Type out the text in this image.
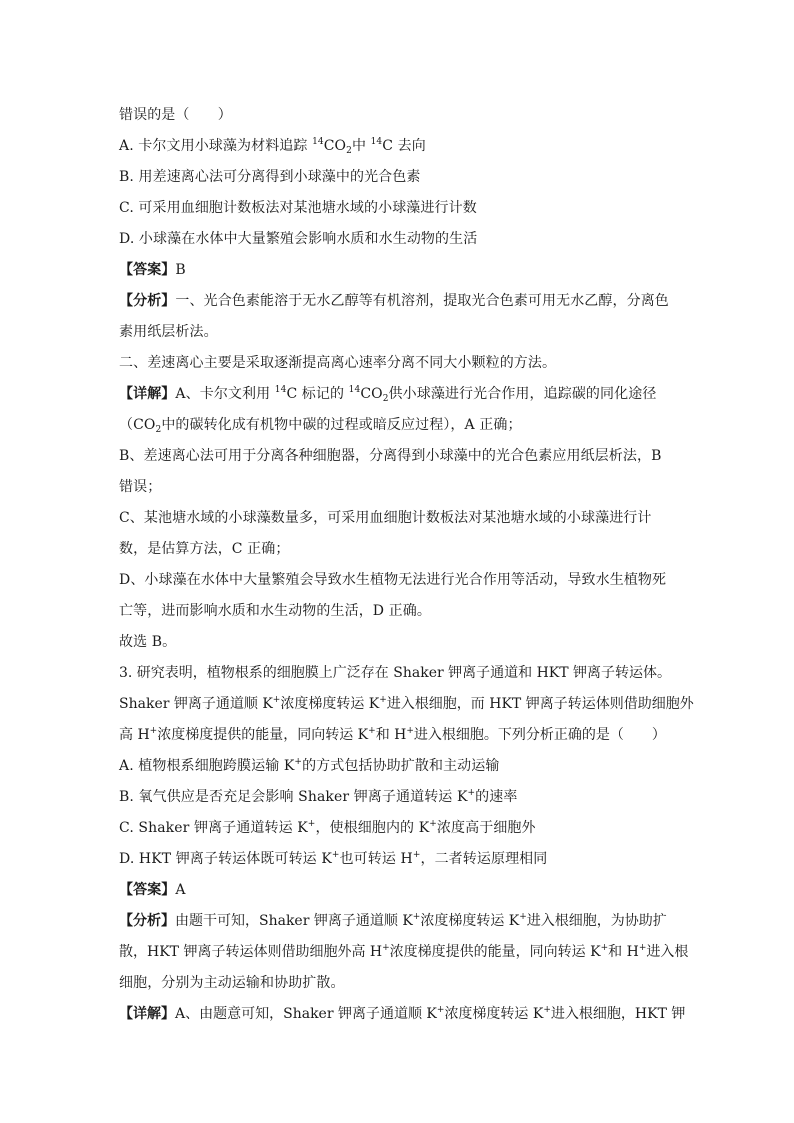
错误的是（　　）
A. 卡尔文用小球藻为材料追踪 $^{14}CO_2$中 $^{14}$C 去向
B. 用差速离心法可分离得到小球藻中的光合色素
C. 可采用血细胞计数板法对某池塘水域的小球藻进行计数
D. 小球藻在水体中大量繁殖会影响水质和水生动物的生活
【答案】B
【分析】一、光合色素能溶于无水乙醇等有机溶剂，提取光合色素可用无水乙醇，分离色
素用纸层析法。
二、差速离心主要是采取逐渐提高离心速率分离不同大小颗粒的方法。
【详解】A、卡尔文利用 $^{14}$C 标记的 $^{14}CO_2$供小球藻进行光合作用，追踪碳的同化途径
（$CO_2$中的碳转化成有机物中碳的过程或暗反应过程），A 正确；
B、差速离心法可用于分离各种细胞器，分离得到小球藻中的光合色素应用纸层析法，B
错误；
C、某池塘水域的小球藻数量多，可采用血细胞计数板法对某池塘水域的小球藻进行计
数，是估算方法，C 正确；
D、小球藻在水体中大量繁殖会导致水生植物无法进行光合作用等活动，导致水生植物死
亡等，进而影响水质和水生动物的生活，D 正确。
故选 B。
3. 研究表明，植物根系的细胞膜上广泛存在 Shaker 钾离子通道和 HKT 钾离子转运体。
Shaker 钾离子通道顺 K+浓度梯度转运 K+进入根细胞，而 HKT 钾离子转运体则借助细胞外
高 H+浓度梯度提供的能量，同向转运 K+和 H+进入根细胞。下列分析正确的是（　　）
A. 植物根系细胞跨膜运输 K+的方式包括协助扩散和主动运输
B. 氧气供应是否充足会影响 Shaker 钾离子通道转运 K+的速率
C. Shaker 钾离子通道转运 K+，使根细胞内的 K+浓度高于细胞外
D. HKT 钾离子转运体既可转运 K+也可转运 H+，二者转运原理相同
【答案】A
【分析】由题干可知，Shaker 钾离子通道顺 K+浓度梯度转运 K+进入根细胞，为协助扩
散，HKT 钾离子转运体则借助细胞外高 H+浓度梯度提供的能量，同向转运 K+和 H+进入根
细胞，分别为主动运输和协助扩散。
【详解】A、由题意可知，Shaker 钾离子通道顺 K+浓度梯度转运 K+进入根细胞，HKT 钾
